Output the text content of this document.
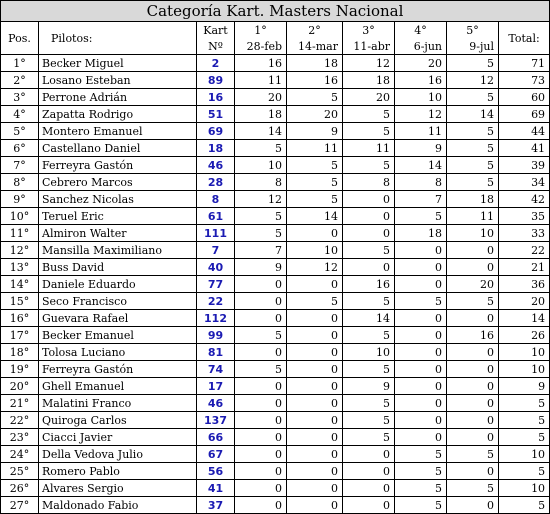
Categoría Kart. Masters Nacional								
Pos.	Pilotos:	Kart	1°	2°	3°	4°	5°	Total:
		Nº	28-feb	14-mar	11-abr	6-jun	9-jul	
1°	Becker Miguel	2	16	18	12	20	5	71
2°	Losano Esteban	89	11	16	18	16	12	73
3°	Perrone Adrián	16	20	5	20	10	5	60
4°	Zapatta Rodrigo	51	18	20	5	12	14	69
5°	Montero Emanuel	69	14	9	5	11	5	44
6°	Castellano Daniel	18	5	11	11	9	5	41
7°	Ferreyra Gastón	46	10	5	5	14	5	39
8°	Cebrero Marcos	28	8	5	8	8	5	34
9°	Sanchez Nicolas	8	12	5	0	7	18	42
10°	Teruel Eric	61	5	14	0	5	11	35
11°	Almiron Walter	111	5	0	0	18	10	33
12°	Mansilla Maximiliano	7	7	10	5	0	0	22
13°	Buss David	40	9	12	0	0	0	21
14°	Daniele Eduardo	77	0	0	16	0	20	36
15°	Seco Francisco	22	0	5	5	5	5	20
16°	Guevara Rafael	112	0	0	14	0	0	14
17°	Becker Emanuel	99	5	0	5	0	16	26
18°	Tolosa Luciano	81	0	0	10	0	0	10
19°	Ferreyra Gastón	74	5	0	5	0	0	10
20°	Ghell Emanuel	17	0	0	9	0	0	9
21°	Malatini Franco	46	0	0	5	0	0	5
22°	Quiroga Carlos	137	0	0	5	0	0	5
23°	Ciacci Javier	66	0	0	5	0	0	5
24°	Della Vedova Julio	67	0	0	0	5	5	10
25°	Romero Pablo	56	0	0	0	5	0	5
26°	Alvares Sergio	41	0	0	0	5	5	10
27°	Maldonado Fabio	37	0	0	0	5	0	5
